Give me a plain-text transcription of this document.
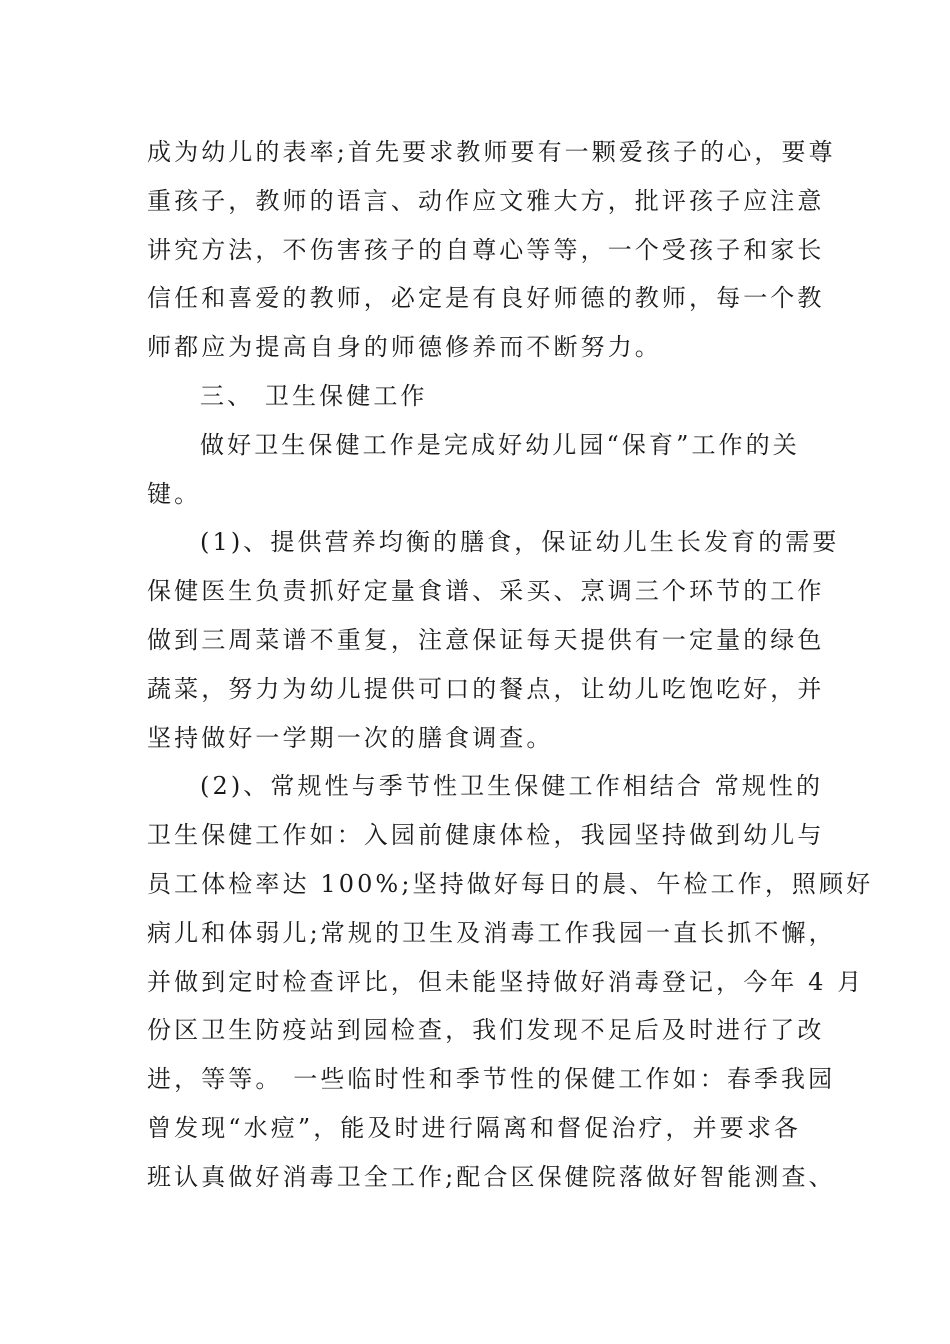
成为幼儿的表率;首先要求教师要有一颗爱孩子的心，要尊
重孩子，教师的语言、动作应文雅大方，批评孩子应注意
讲究方法，不伤害孩子的自尊心等等，一个受孩子和家长
信任和喜爱的教师，必定是有良好师德的教师，每一个教
师都应为提高自身的师德修养而不断努力。
三、 卫生保健工作
做好卫生保健工作是完成好幼儿园“保育”工作的关
键。
(1)、提供营养均衡的膳食，保证幼儿生长发育的需要
保健医生负责抓好定量食谱、采买、烹调三个环节的工作
做到三周菜谱不重复，注意保证每天提供有一定量的绿色
蔬菜，努力为幼儿提供可口的餐点，让幼儿吃饱吃好，并
坚持做好一学期一次的膳食调查。
(2)、常规性与季节性卫生保健工作相结合 常规性的
卫生保健工作如：入园前健康体检，我园坚持做到幼儿与
员工体检率达 100%;坚持做好每日的晨、午检工作，照顾好
病儿和体弱儿;常规的卫生及消毒工作我园一直长抓不懈，
并做到定时检查评比，但未能坚持做好消毒登记，今年 4 月
份区卫生防疫站到园检查，我们发现不足后及时进行了改
进，等等。 一些临时性和季节性的保健工作如：春季我园
曾发现“水痘”，能及时进行隔离和督促治疗，并要求各
班认真做好消毒卫全工作;配合区保健院落做好智能测查、
